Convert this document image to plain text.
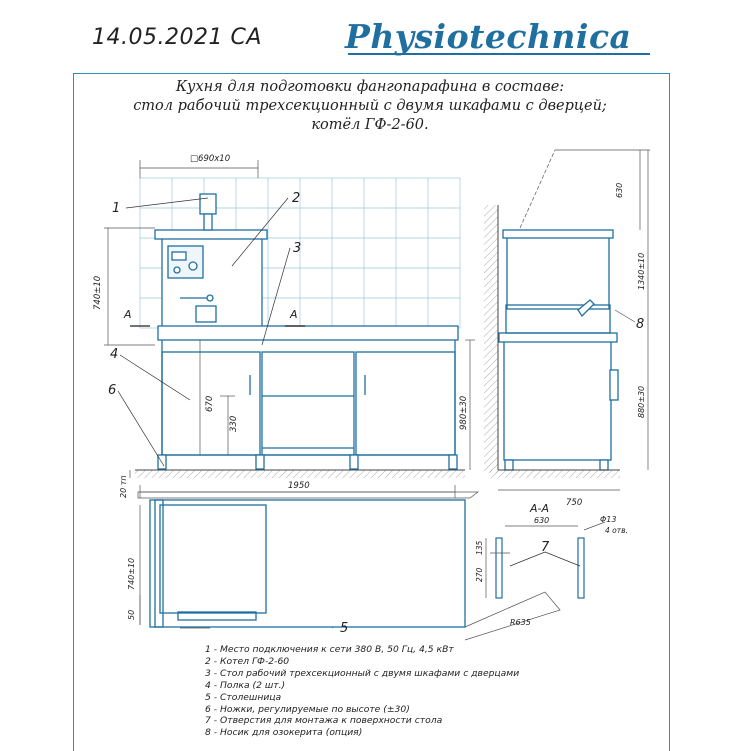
14.05.2021 CA	Physiotechnica
Кухня для подготовки фангопарафина в составе:
стол рабочий трехсекционный с двумя шкафами с дверцей;
котёл ГФ-2-60.
A	A
□690x10
740±10
670
330	980±30
20 тп	1950
1
2
3
4
6
630
1340±10
880±30
750
8
740±10
50
R635
5
A-A
630
7
135
270
Φ13
4 отв.
1 - Место подключения к сети 380 В, 50 Гц, 4,5 кВт
2 - Котел ГФ-2-60
3 - Стол рабочий трехсекционный с двумя шкафами с дверцами
4 - Полка (2 шт.)
5 - Столешница
6 - Ножки, регулируемые по высоте (±30)
7 - Отверстия для монтажа к поверхности стола
8 - Носик для озокерита (опция)
